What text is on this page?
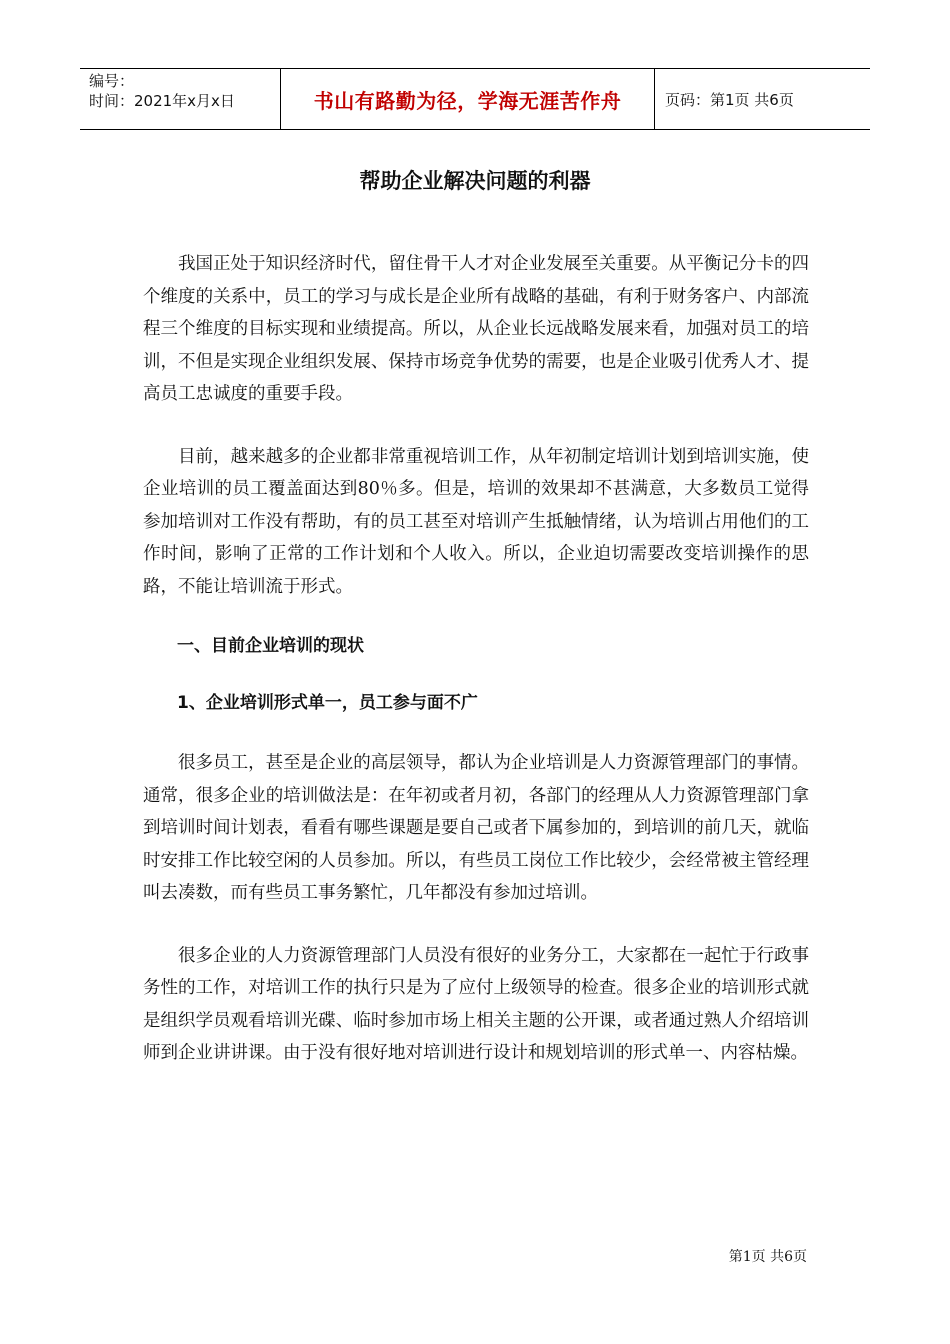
编号：
时间：2021年x月x日	书山有路勤为径，学海无涯苦作舟	页码：第1页 共6页
帮助企业解决问题的利器

我国正处于知识经济时代，留住骨干人才对企业发展至关重要。从平衡记分卡的四个维度的关系中，员工的学习与成长是企业所有战略的基础，有利于财务客户、内部流程三个维度的目标实现和业绩提高。所以，从企业长远战略发展来看，加强对员工的培训，不但是实现企业组织发展、保持市场竞争优势的需要，也是企业吸引优秀人才、提高员工忠诚度的重要手段。

目前，越来越多的企业都非常重视培训工作，从年初制定培训计划到培训实施，使企业培训的员工覆盖面达到80％多。但是，培训的效果却不甚满意，大多数员工觉得参加培训对工作没有帮助，有的员工甚至对培训产生抵触情绪，认为培训占用他们的工作时间，影响了正常的工作计划和个人收入。所以，企业迫切需要改变培训操作的思路，不能让培训流于形式。

一、目前企业培训的现状
1、企业培训形式单一，员工参与面不广

很多员工，甚至是企业的高层领导，都认为企业培训是人力资源管理部门的事情。通常，很多企业的培训做法是：在年初或者月初，各部门的经理从人力资源管理部门拿到培训时间计划表，看看有哪些课题是要自己或者下属参加的，到培训的前几天，就临时安排工作比较空闲的人员参加。所以，有些员工岗位工作比较少，会经常被主管经理叫去凑数，而有些员工事务繁忙，几年都没有参加过培训。

很多企业的人力资源管理部门人员没有很好的业务分工，大家都在一起忙于行政事务性的工作，对培训工作的执行只是为了应付上级领导的检查。很多企业的培训形式就是组织学员观看培训光碟、临时参加市场上相关主题的公开课，或者通过熟人介绍培训师到企业讲讲课。由于没有很好地对培训进行设计和规划培训的形式单一、内容枯燥。

第1页 共6页
